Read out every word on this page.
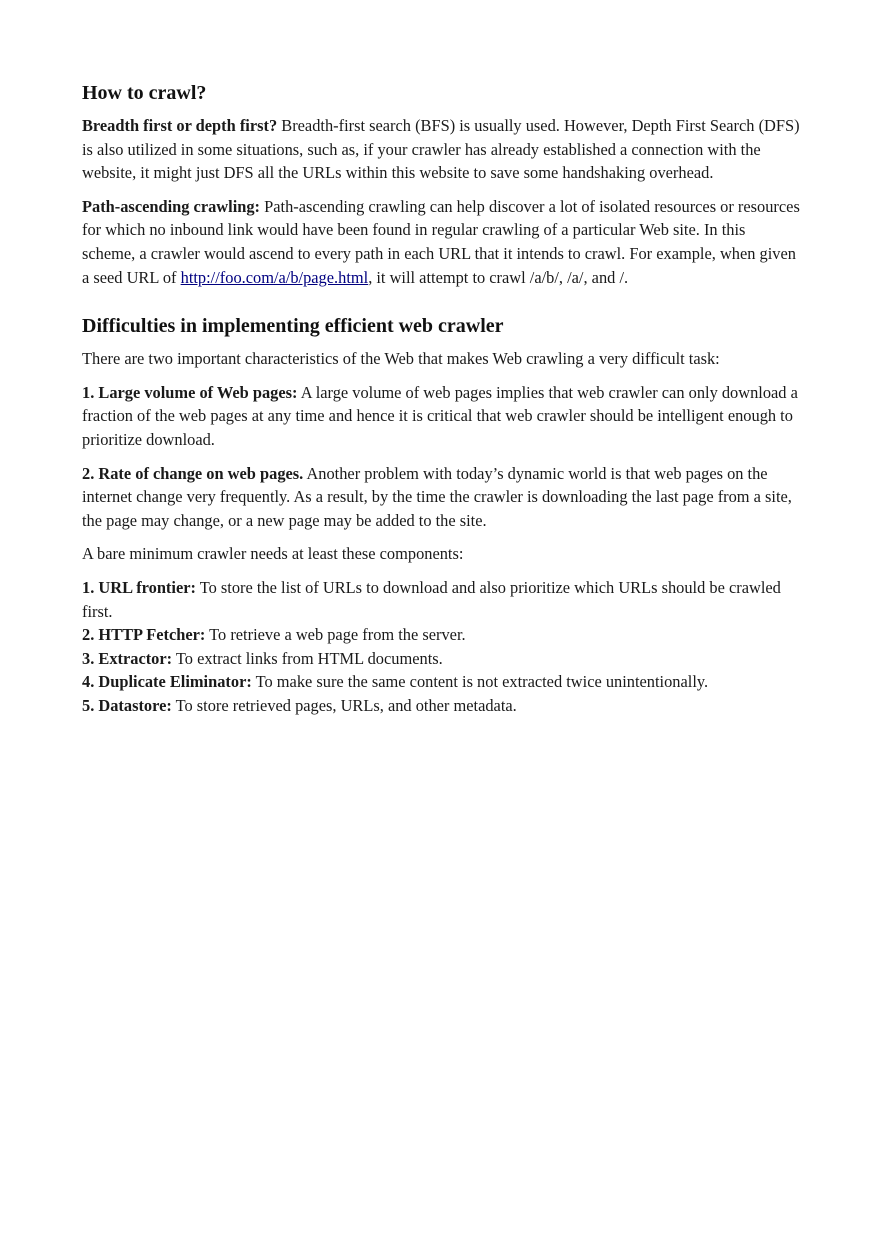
How to crawl?

Breadth first or depth first? Breadth-first search (BFS) is usually used. However, Depth First Search (DFS) is also utilized in some situations, such as, if your crawler has already established a connection with the website, it might just DFS all the URLs within this website to save some handshaking overhead.

Path-ascending crawling: Path-ascending crawling can help discover a lot of isolated resources or resources for which no inbound link would have been found in regular crawling of a particular Web site. In this scheme, a crawler would ascend to every path in each URL that it intends to crawl. For example, when given a seed URL of http://foo.com/a/b/page.html, it will attempt to crawl /a/b/, /a/, and /.

Difficulties in implementing efficient web crawler

There are two important characteristics of the Web that makes Web crawling a very difficult task:

1. Large volume of Web pages: A large volume of web pages implies that web crawler can only download a fraction of the web pages at any time and hence it is critical that web crawler should be intelligent enough to prioritize download.

2. Rate of change on web pages. Another problem with today’s dynamic world is that web pages on the internet change very frequently. As a result, by the time the crawler is downloading the last page from a site, the page may change, or a new page may be added to the site.

A bare minimum crawler needs at least these components:

1. URL frontier: To store the list of URLs to download and also prioritize which URLs should be crawled first.
2. HTTP Fetcher: To retrieve a web page from the server.
3. Extractor: To extract links from HTML documents.
4. Duplicate Eliminator: To make sure the same content is not extracted twice unintentionally.
5. Datastore: To store retrieved pages, URLs, and other metadata.
